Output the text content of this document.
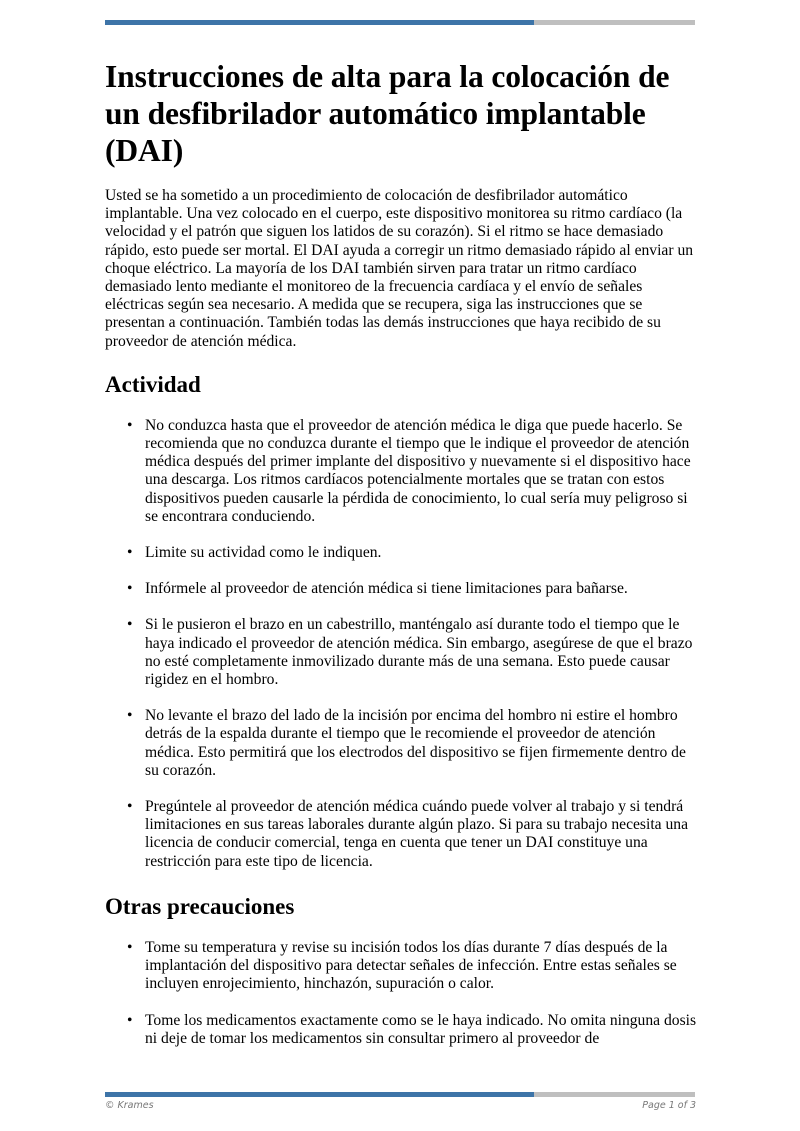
Instrucciones de alta para la colocación de un desfibrilador automático implantable (DAI)

Usted se ha sometido a un procedimiento de colocación de desfibrilador automático implantable. Una vez colocado en el cuerpo, este dispositivo monitorea su ritmo cardíaco (la velocidad y el patrón que siguen los latidos de su corazón). Si el ritmo se hace demasiado rápido, esto puede ser mortal. El DAI ayuda a corregir un ritmo demasiado rápido al enviar un choque eléctrico. La mayoría de los DAI también sirven para tratar un ritmo cardíaco demasiado lento mediante el monitoreo de la frecuencia cardíaca y el envío de señales eléctricas según sea necesario. A medida que se recupera, siga las instrucciones que se presentan a continuación. También todas las demás instrucciones que haya recibido de su proveedor de atención médica.

Actividad
• No conduzca hasta que el proveedor de atención médica le diga que puede hacerlo. Se recomienda que no conduzca durante el tiempo que le indique el proveedor de atención médica después del primer implante del dispositivo y nuevamente si el dispositivo hace una descarga. Los ritmos cardíacos potencialmente mortales que se tratan con estos dispositivos pueden causarle la pérdida de conocimiento, lo cual sería muy peligroso si se encontrara conduciendo.
• Limite su actividad como le indiquen.
• Infórmele al proveedor de atención médica si tiene limitaciones para bañarse.
• Si le pusieron el brazo en un cabestrillo, manténgalo así durante todo el tiempo que le haya indicado el proveedor de atención médica. Sin embargo, asegúrese de que el brazo no esté completamente inmovilizado durante más de una semana. Esto puede causar rigidez en el hombro.
• No levante el brazo del lado de la incisión por encima del hombro ni estire el hombro detrás de la espalda durante el tiempo que le recomiende el proveedor de atención médica. Esto permitirá que los electrodos del dispositivo se fijen firmemente dentro de su corazón.
• Pregúntele al proveedor de atención médica cuándo puede volver al trabajo y si tendrá limitaciones en sus tareas laborales durante algún plazo. Si para su trabajo necesita una licencia de conducir comercial, tenga en cuenta que tener un DAI constituye una restricción para este tipo de licencia.
Otras precauciones
• Tome su temperatura y revise su incisión todos los días durante 7 días después de la implantación del dispositivo para detectar señales de infección. Entre estas señales se incluyen enrojecimiento, hinchazón, supuración o calor.
• Tome los medicamentos exactamente como se le haya indicado. No omita ninguna dosis ni deje de tomar los medicamentos sin consultar primero al proveedor de
© Krames	Page 1 of 3
